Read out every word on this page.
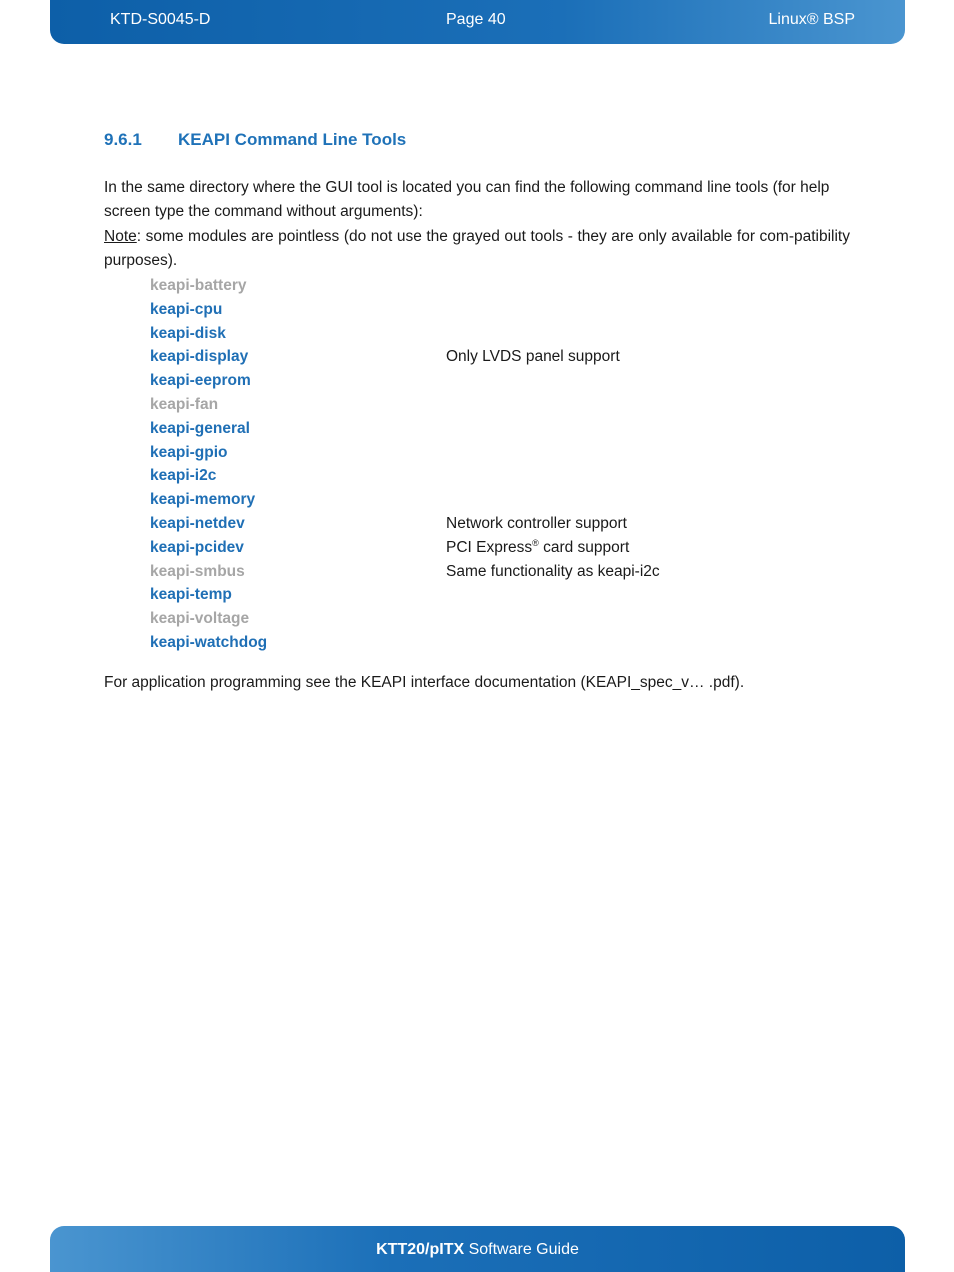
KTD-S0045-D	Page 40	Linux® BSP
9.6.1 KEAPI Command Line Tools
In the same directory where the GUI tool is located you can find the following command line tools (for help screen type the command without arguments):
Note: some modules are pointless (do not use the grayed out tools - they are only available for com-patibility purposes).
keapi-battery
keapi-cpu
keapi-disk
keapi-display	Only LVDS panel support
keapi-eeprom
keapi-fan
keapi-general
keapi-gpio
keapi-i2c
keapi-memory
keapi-netdev	Network controller support
keapi-pcidev	PCI Express® card support
keapi-smbus	Same functionality as keapi-i2c
keapi-temp
keapi-voltage
keapi-watchdog
For application programming see the KEAPI interface documentation (KEAPI_spec_v… .pdf).
KTT20/pITX Software Guide
